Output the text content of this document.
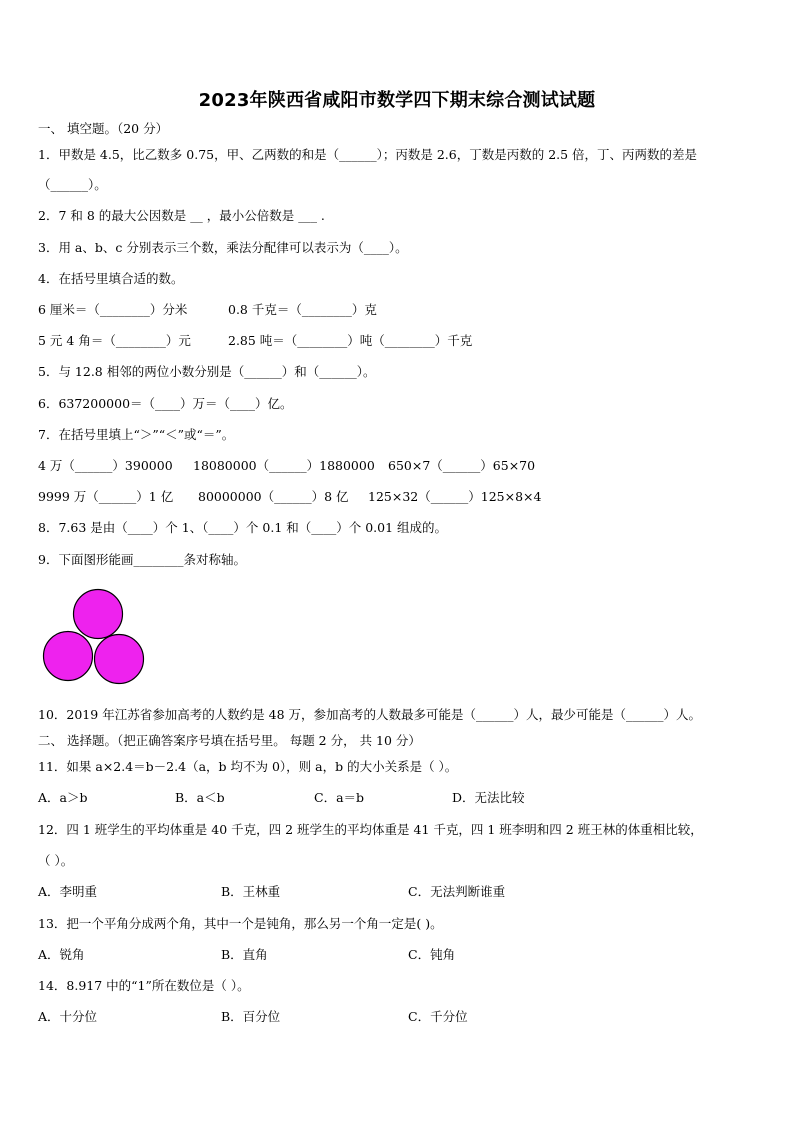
2023年陕西省咸阳市数学四下期末综合测试试题
一、 填空题。（20 分）
1．甲数是 4.5，比乙数多 0.75，甲、乙两数的和是（______）；丙数是 2.6，丁数是丙数的 2.5 倍，丁、丙两数的差是
（______）。
2．7 和 8 的最大公因数是 __ ，最小公倍数是 ___ .
3．用 a、b、c 分别表示三个数，乘法分配律可以表示为（____）。
4．在括号里填合适的数。
6 厘米＝（________）分米	0.8 千克＝（________）克
5 元 4 角＝（________）元	2.85 吨＝（________）吨（________）千克
5．与 12.8 相邻的两位小数分别是（______）和（______）。
6．637200000＝（____）万＝（____）亿。
7．在括号里填上“＞”“＜”或“＝”。
4 万（______）390000 18080000（______）1880000 650×7（______）65×70
9999 万（______）1 亿 80000000（______）8 亿 125×32（______）125×8×4
8．7.63 是由（____）个 1、（____）个 0.1 和（____）个 0.01 组成的。
9．下面图形能画________条对称轴。
10．2019 年江苏省参加高考的人数约是 48 万，参加高考的人数最多可能是（______）人，最少可能是（______）人。
二、 选择题。（把正确答案序号填在括号里。 每题 2 分， 共 10 分）
11．如果 a×2.4＝b－2.4（a，b 均不为 0），则 a，b 的大小关系是（ ）。
A．a＞b	B．a＜b	C．a＝b	D．无法比较
12．四 1 班学生的平均体重是 40 千克，四 2 班学生的平均体重是 41 千克，四 1 班李明和四 2 班王林的体重相比较，
（ ）。
A．李明重	B．王林重	C．无法判断谁重
13．把一个平角分成两个角，其中一个是钝角，那么另一个角一定是( )。
A．锐角	B．直角	C．钝角
14．8.917 中的“1”所在数位是（ ）。
A．十分位	B．百分位	C．千分位
